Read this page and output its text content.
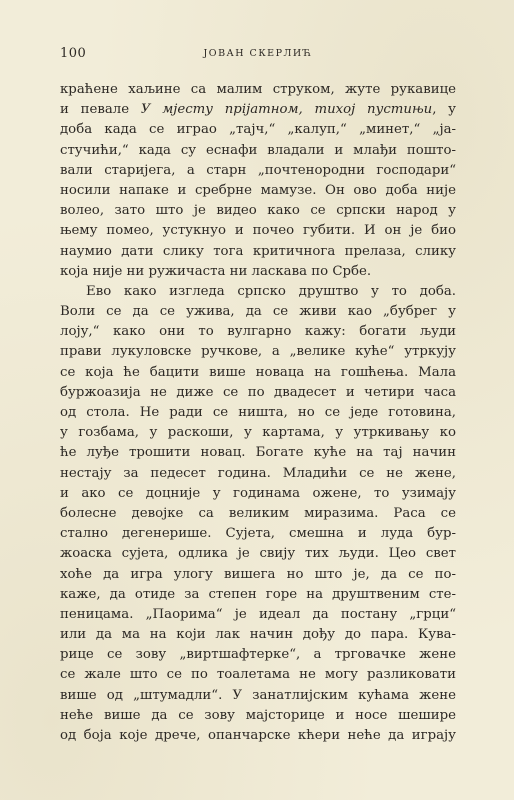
100	ЈОВАН СКЕРЛИЋ
краћене хаљине са малим струком, жуте рукавице
и певале У мјесту прijатном, тихој пустињи, у
доба када се играо „тајч,“ „калуп,“ „минет,“ „ја-
стучићи,“ када су еснафи владали и млађи пошто-
вали старијега, а старн „почтенородни господари“
носили напаке и сребрне мамузе. Он ово доба није
волео, зато што је видео како се српски народ у
њему помео, устукнуо и почео губити. И он је био
наумио дати слику тога критичнога прелаза, слику
која није ни ружичаста ни ласкава по Србе.
Ево како изгледа српско друштво у то доба.
Воли се да се ужива, да се живи као „бубрег у
лоју,“ како они то вулгарно кажу: богати људи
прави лукуловске ручкове, а „велике куће“ утркују
се која ће бацити више новаца на гошћења. Мала
буржоазија не диже се по двадесет и четири часа
од стола. Не ради се ништа, но се једе готовина,
у гозбама, у раскоши, у картама, у утркивању ко
ће луђе трошити новац. Богате куће на тај начин
нестају за педесет година. Младићи се не жене,
и ако се доцније у годинама ожене, то узимају
болесне девојке са великим миразима. Раса се
стално дегенерише. Сујета, смешна и луда бур-
жоаска сујета, одлика је свију тих људи. Цео свет
хоће да игра улогу вишега но што је, да се по-
каже, да отиде за степен горе на друштвеним сте-
пеницама. „Паорима“ је идеал да постану „грци“
или да ма на који лак начин дођу до пара. Кува-
рице се зову „виртшафтерке“, а трговачке жене
се жале што се по тоалетама не могу разликовати
више од „штумадли“. У занатлијским кућама жене
неће више да се зову мајсторице и носе шешире
од боја које дрече, опанчарске кћери неће да играју
